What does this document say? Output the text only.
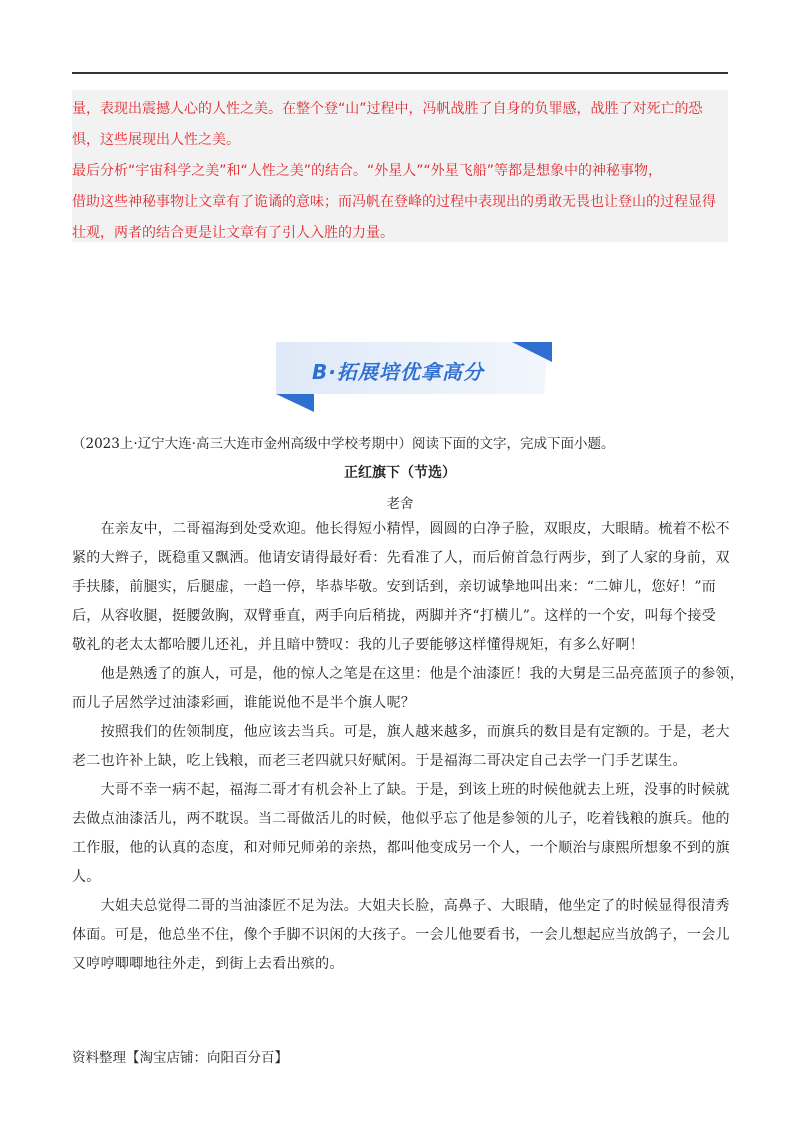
量，表现出震撼人心的人性之美。在整个登“山”过程中，冯帆战胜了自身的负罪感，战胜了对死亡的恐

惧，这些展现出人性之美。

最后分析“宇宙科学之美”和“人性之美”的结合。“外星人”“外星飞船”等都是想象中的神秘事物，

借助这些神秘事物让文章有了诡谲的意味；而冯帆在登峰的过程中表现出的勇敢无畏也让登山的过程显得

壮观，两者的结合更是让文章有了引人入胜的力量。

B·拓展培优拿高分
（2023上·辽宁大连·高三大连市金州高级中学校考期中）阅读下面的文字，完成下面小题。
正红旗下（节选）
老舍

　　在亲友中，二哥福海到处受欢迎。他长得短小精悍，圆圆的白净子脸，双眼皮，大眼睛。梳着不松不

紧的大辫子，既稳重又飘洒。他请安请得最好看：先看准了人，而后俯首急行两步，到了人家的身前，双

手扶膝，前腿实，后腿虚，一趋一停，毕恭毕敬。安到话到，亲切诚挚地叫出来：“二婶儿，您好！”而

后，从容收腿，挺腰敛胸，双臂垂直，两手向后稍拢，两脚并齐“打横儿”。这样的一个安，叫每个接受

敬礼的老太太都哈腰儿还礼，并且暗中赞叹：我的儿子要能够这样懂得规矩，有多么好啊！

　　他是熟透了的旗人，可是，他的惊人之笔是在这里：他是个油漆匠！我的大舅是三品亮蓝顶子的参领，

而儿子居然学过油漆彩画，谁能说他不是半个旗人呢？

　　按照我们的佐领制度，他应该去当兵。可是，旗人越来越多，而旗兵的数目是有定额的。于是，老大

老二也许补上缺，吃上钱粮，而老三老四就只好赋闲。于是福海二哥决定自己去学一门手艺谋生。

　　大哥不幸一病不起，福海二哥才有机会补上了缺。于是，到该上班的时候他就去上班，没事的时候就

去做点油漆活儿，两不耽误。当二哥做活儿的时候，他似乎忘了他是参领的儿子，吃着钱粮的旗兵。他的

工作服，他的认真的态度，和对师兄师弟的亲热，都叫他变成另一个人，一个顺治与康熙所想象不到的旗

人。

　　大姐夫总觉得二哥的当油漆匠不足为法。大姐夫长脸，高鼻子、大眼睛，他坐定了的时候显得很清秀

体面。可是，他总坐不住，像个手脚不识闲的大孩子。一会儿他要看书，一会儿想起应当放鸽子，一会儿

又哼哼唧唧地往外走，到街上去看出殡的。

资料整理【淘宝店铺：向阳百分百】
